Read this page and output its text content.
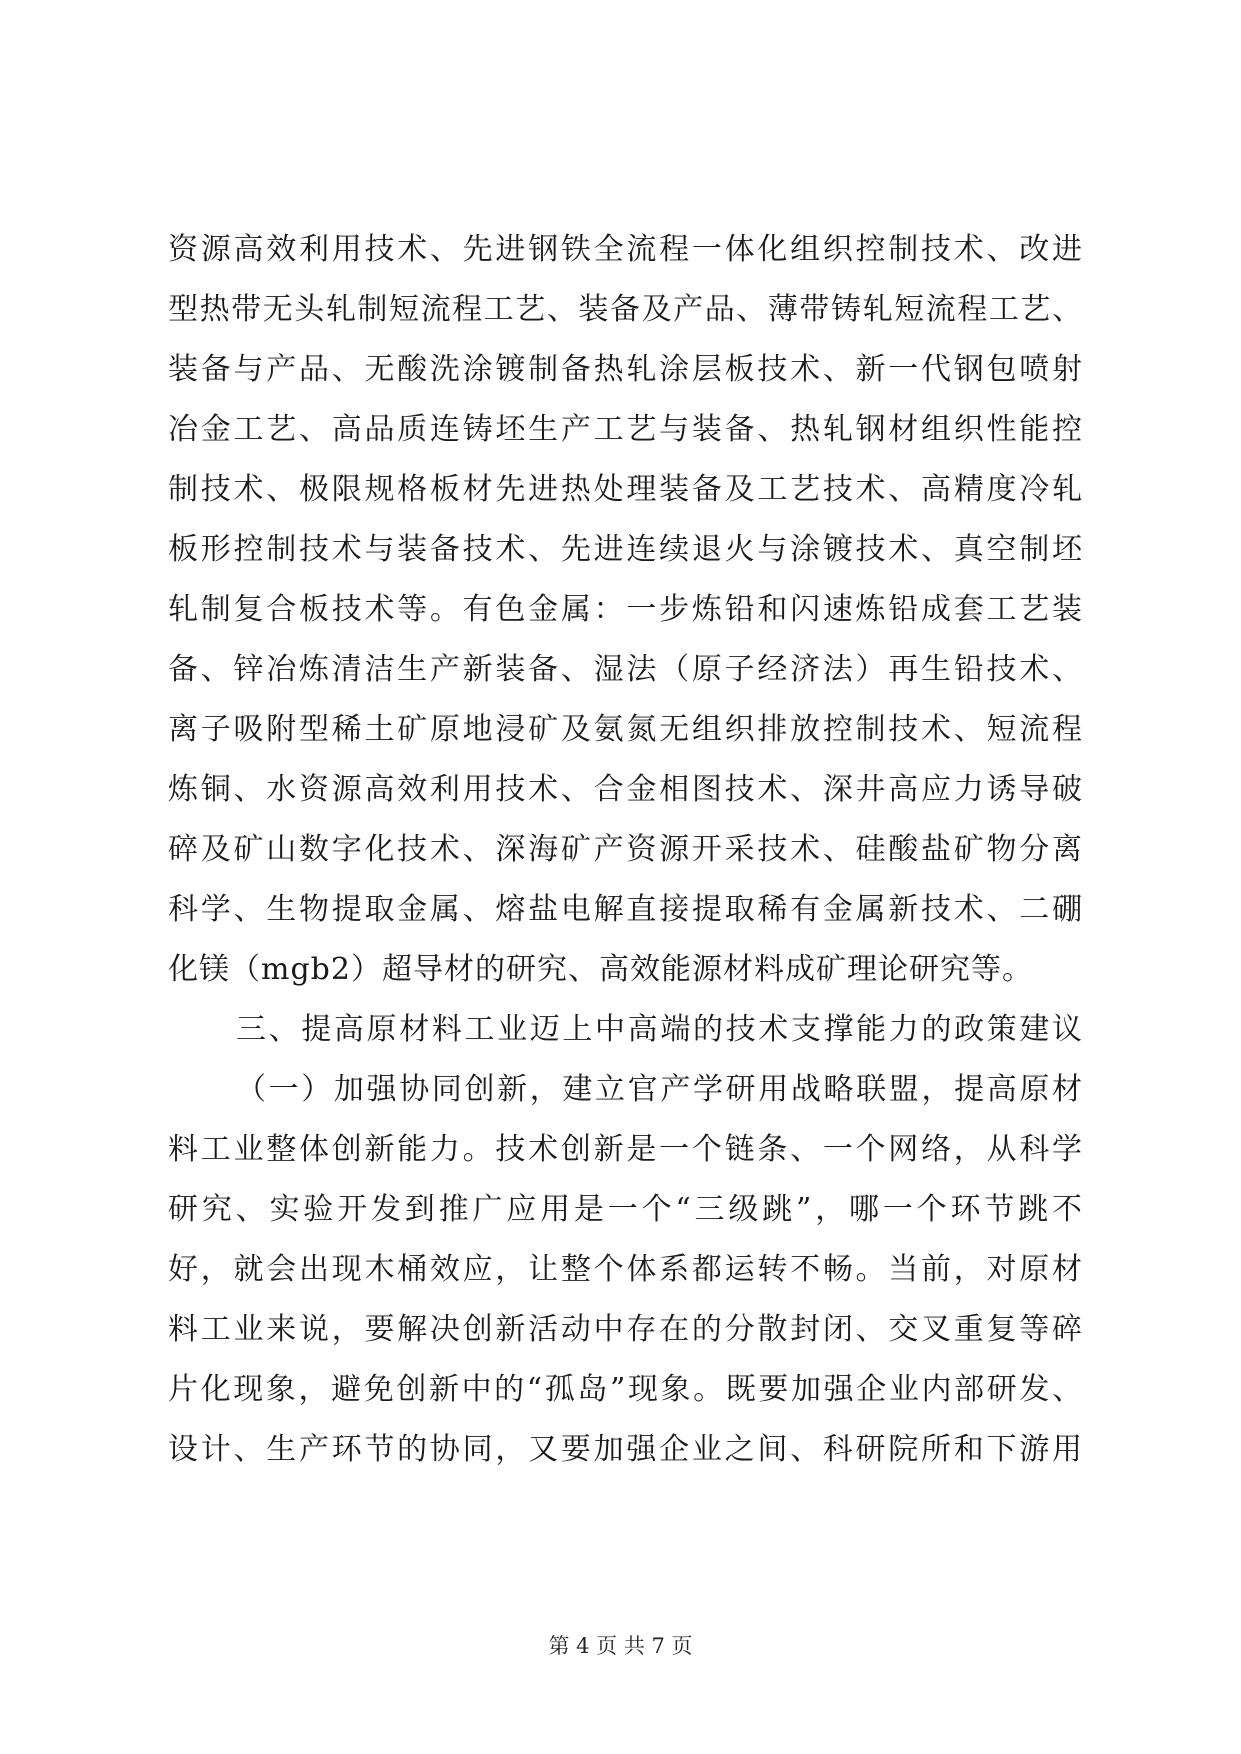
资源高效利用技术、先进钢铁全流程一体化组织控制技术、改进
型热带无头轧制短流程工艺、装备及产品、薄带铸轧短流程工艺、
装备与产品、无酸洗涂镀制备热轧涂层板技术、新一代钢包喷射
冶金工艺、高品质连铸坯生产工艺与装备、热轧钢材组织性能控
制技术、极限规格板材先进热处理装备及工艺技术、高精度冷轧
板形控制技术与装备技术、先进连续退火与涂镀技术、真空制坯
轧制复合板技术等。有色金属：一步炼铅和闪速炼铅成套工艺装
备、锌冶炼清洁生产新装备、湿法（原子经济法）再生铅技术、
离子吸附型稀土矿原地浸矿及氨氮无组织排放控制技术、短流程
炼铜、水资源高效利用技术、合金相图技术、深井高应力诱导破
碎及矿山数字化技术、深海矿产资源开采技术、硅酸盐矿物分离
科学、生物提取金属、熔盐电解直接提取稀有金属新技术、二硼
化镁（mgb2）超导材的研究、高效能源材料成矿理论研究等。
三、提高原材料工业迈上中高端的技术支撑能力的政策建议
（一）加强协同创新，建立官产学研用战略联盟，提高原材
料工业整体创新能力。技术创新是一个链条、一个网络，从科学
研究、实验开发到推广应用是一个“三级跳”，哪一个环节跳不
好，就会出现木桶效应，让整个体系都运转不畅。当前，对原材
料工业来说，要解决创新活动中存在的分散封闭、交叉重复等碎
片化现象，避免创新中的“孤岛”现象。既要加强企业内部研发、
设计、生产环节的协同，又要加强企业之间、科研院所和下游用
第 4 页 共 7 页
